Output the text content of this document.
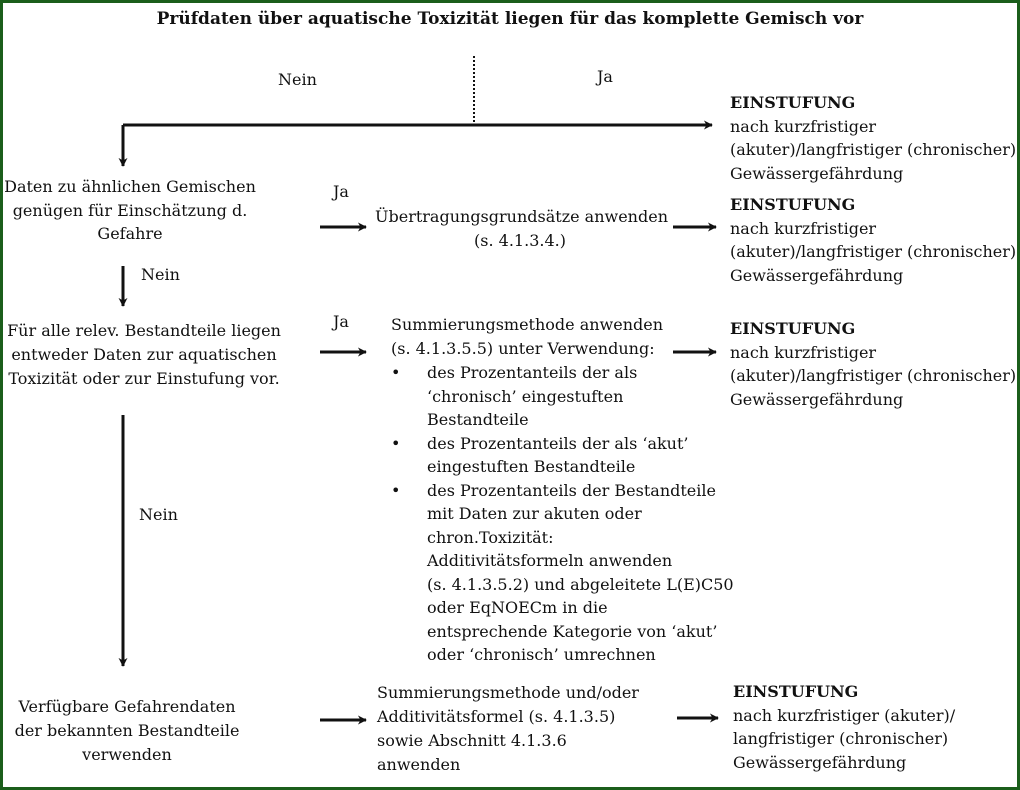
Prüfdaten über aquatische Toxizität liegen für das komplette Gemisch vor
Nein	Ja
EINSTUFUNG
nach kurzfristiger
(akuter)/langfristiger (chronischer)
Gewässergefährdung
Daten zu ähnlichen Gemischen
genügen für Einschätzung d.
Gefahre
Ja
Übertragungsgrundsätze anwenden
(s. 4.1.3.4.)
EINSTUFUNG
nach kurzfristiger
(akuter)/langfristiger (chronischer)
Gewässergefährdung
Nein
Für alle relev. Bestandteile liegen
entweder Daten zur aquatischen
Toxizität oder zur Einstufung vor.
Ja	Summierungsmethode anwenden
(s. 4.1.3.5.5) unter Verwendung:
• des Prozentanteils der als
‘chronisch’ eingestuften
Bestandteile
• des Prozentanteils der als ‘akut’
eingestuften Bestandteile
• des Prozentanteils der Bestandteile
mit Daten zur akuten oder
chron.Toxizität:
Additivitätsformeln anwenden
(s. 4.1.3.5.2) und abgeleitete L(E)C50
oder EqNOECm in die
entsprechende Kategorie von ‘akut’
oder ‘chronisch’ umrechnen
EINSTUFUNG
nach kurzfristiger
(akuter)/langfristiger (chronischer)
Gewässergefährdung
Nein
Verfügbare Gefahrendaten
der bekannten Bestandteile
verwenden
Summierungsmethode und/oder
Additivitätsformel (s. 4.1.3.5)
sowie Abschnitt 4.1.3.6
anwenden
EINSTUFUNG
nach kurzfristiger (akuter)/
langfristiger (chronischer)
Gewässergefährdung
